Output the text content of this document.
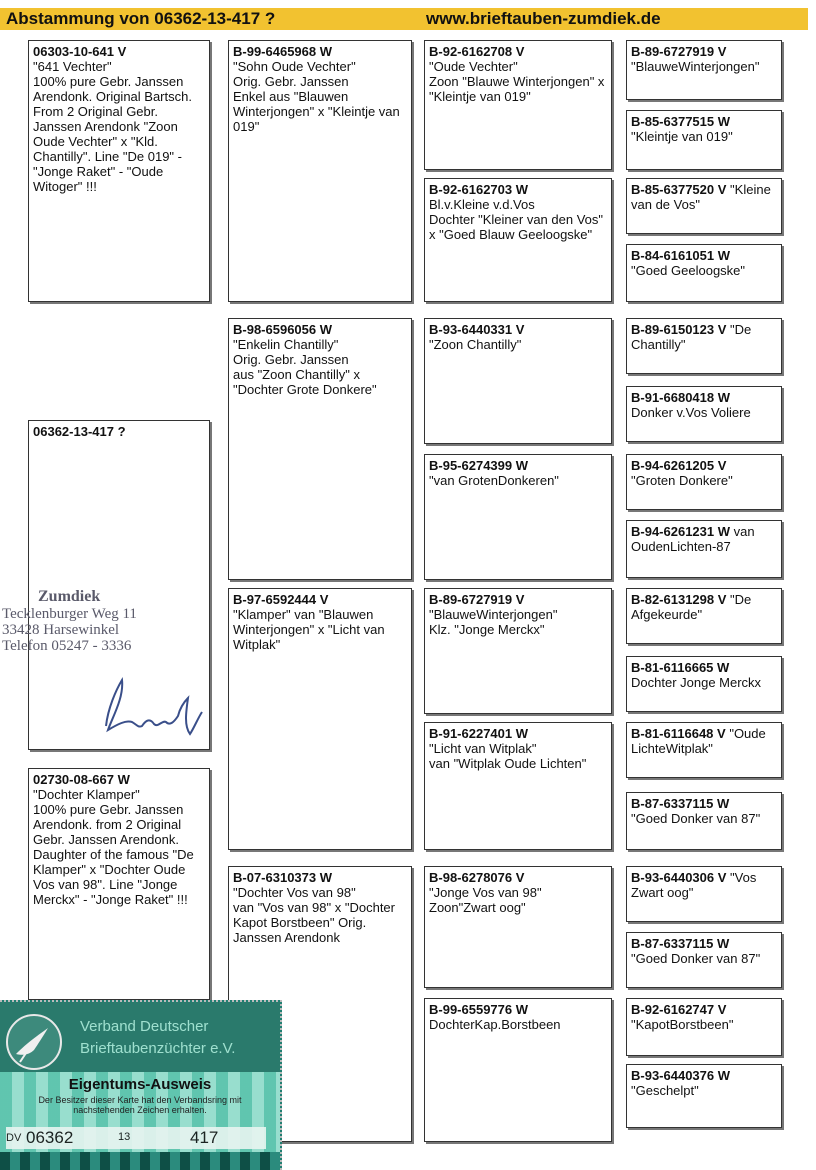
Abstammung von 06362-13-417 ?	www.brieftauben-zumdiek.de
06303-10-641 V
"641 Vechter"
100% pure Gebr. Janssen Arendonk. Original Bartsch. From 2 Original Gebr. Janssen Arendonk "Zoon Oude Vechter" x "Kld. Chantilly". Line "De 019" - "Jonge Raket" - "Oude Witoger" !!!
06362-13-417 ?
Zumdiek
Tecklenburger Weg 11
33428 Harsewinkel
Telefon 05247 - 3336
02730-08-667 W
"Dochter Klamper"
100% pure Gebr. Janssen Arendonk. from 2 Original Gebr. Janssen Arendonk. Daughter of the famous "De Klamper" x "Dochter Oude Vos van 98". Line "Jonge Merckx" - "Jonge Raket" !!!
B-99-6465968 W
"Sohn Oude Vechter"
Orig. Gebr. Janssen
Enkel aus "Blauwen Winterjongen" x "Kleintje van 019"
B-98-6596056 W
"Enkelin Chantilly"
Orig. Gebr. Janssen
aus "Zoon Chantilly" x "Dochter Grote Donkere"
B-97-6592444 V
"Klamper" van "Blauwen Winterjongen" x "Licht van Witplak"
B-07-6310373 W
"Dochter Vos van 98"
van "Vos van 98" x "Dochter Kapot Borstbeen" Orig. Janssen Arendonk
B-92-6162708 V
"Oude Vechter"
Zoon "Blauwe Winterjongen" x "Kleintje van 019"
B-92-6162703 W
Bl.v.Kleine v.d.Vos
Dochter "Kleiner van den Vos" x "Goed Blauw Geeloogske"
B-93-6440331 V
"Zoon Chantilly"
B-95-6274399 W
"van GrotenDonkeren"
B-89-6727919 V
"BlauweWinterjongen"
Klz. "Jonge Merckx"
B-91-6227401 W
"Licht van Witplak"
van "Witplak Oude Lichten"
B-98-6278076 V
"Jonge Vos van 98"
Zoon"Zwart oog"
B-99-6559776 W
DochterKap.Borstbeen
B-89-6727919 V
"BlauweWinterjongen"
B-85-6377515 W
"Kleintje van 019"
B-85-6377520 V "Kleine van de Vos"
B-84-6161051 W
"Goed Geeloogske"
B-89-6150123 V "De Chantilly"
B-91-6680418 W
Donker v.Vos Voliere
B-94-6261205 V
"Groten Donkere"
B-94-6261231 W van OudenLichten-87
B-82-6131298 V "De Afgekeurde"
B-81-6116665 W
Dochter Jonge Merckx
B-81-6116648 V "Oude LichteWitplak"
B-87-6337115 W
"Goed Donker van 87"
B-93-6440306 V "Vos Zwart oog"
B-87-6337115 W
"Goed Donker van 87"
B-92-6162747 V
"KapotBorstbeen"
B-93-6440376 W
"Geschelpt"
Verband Deutscher
Brieftaubenzüchter e.V.
Eigentums-Ausweis
Der Besitzer dieser Karte hat den Verbandsring mit nachstehenden Zeichen erhalten.
DV 06362	13	417
